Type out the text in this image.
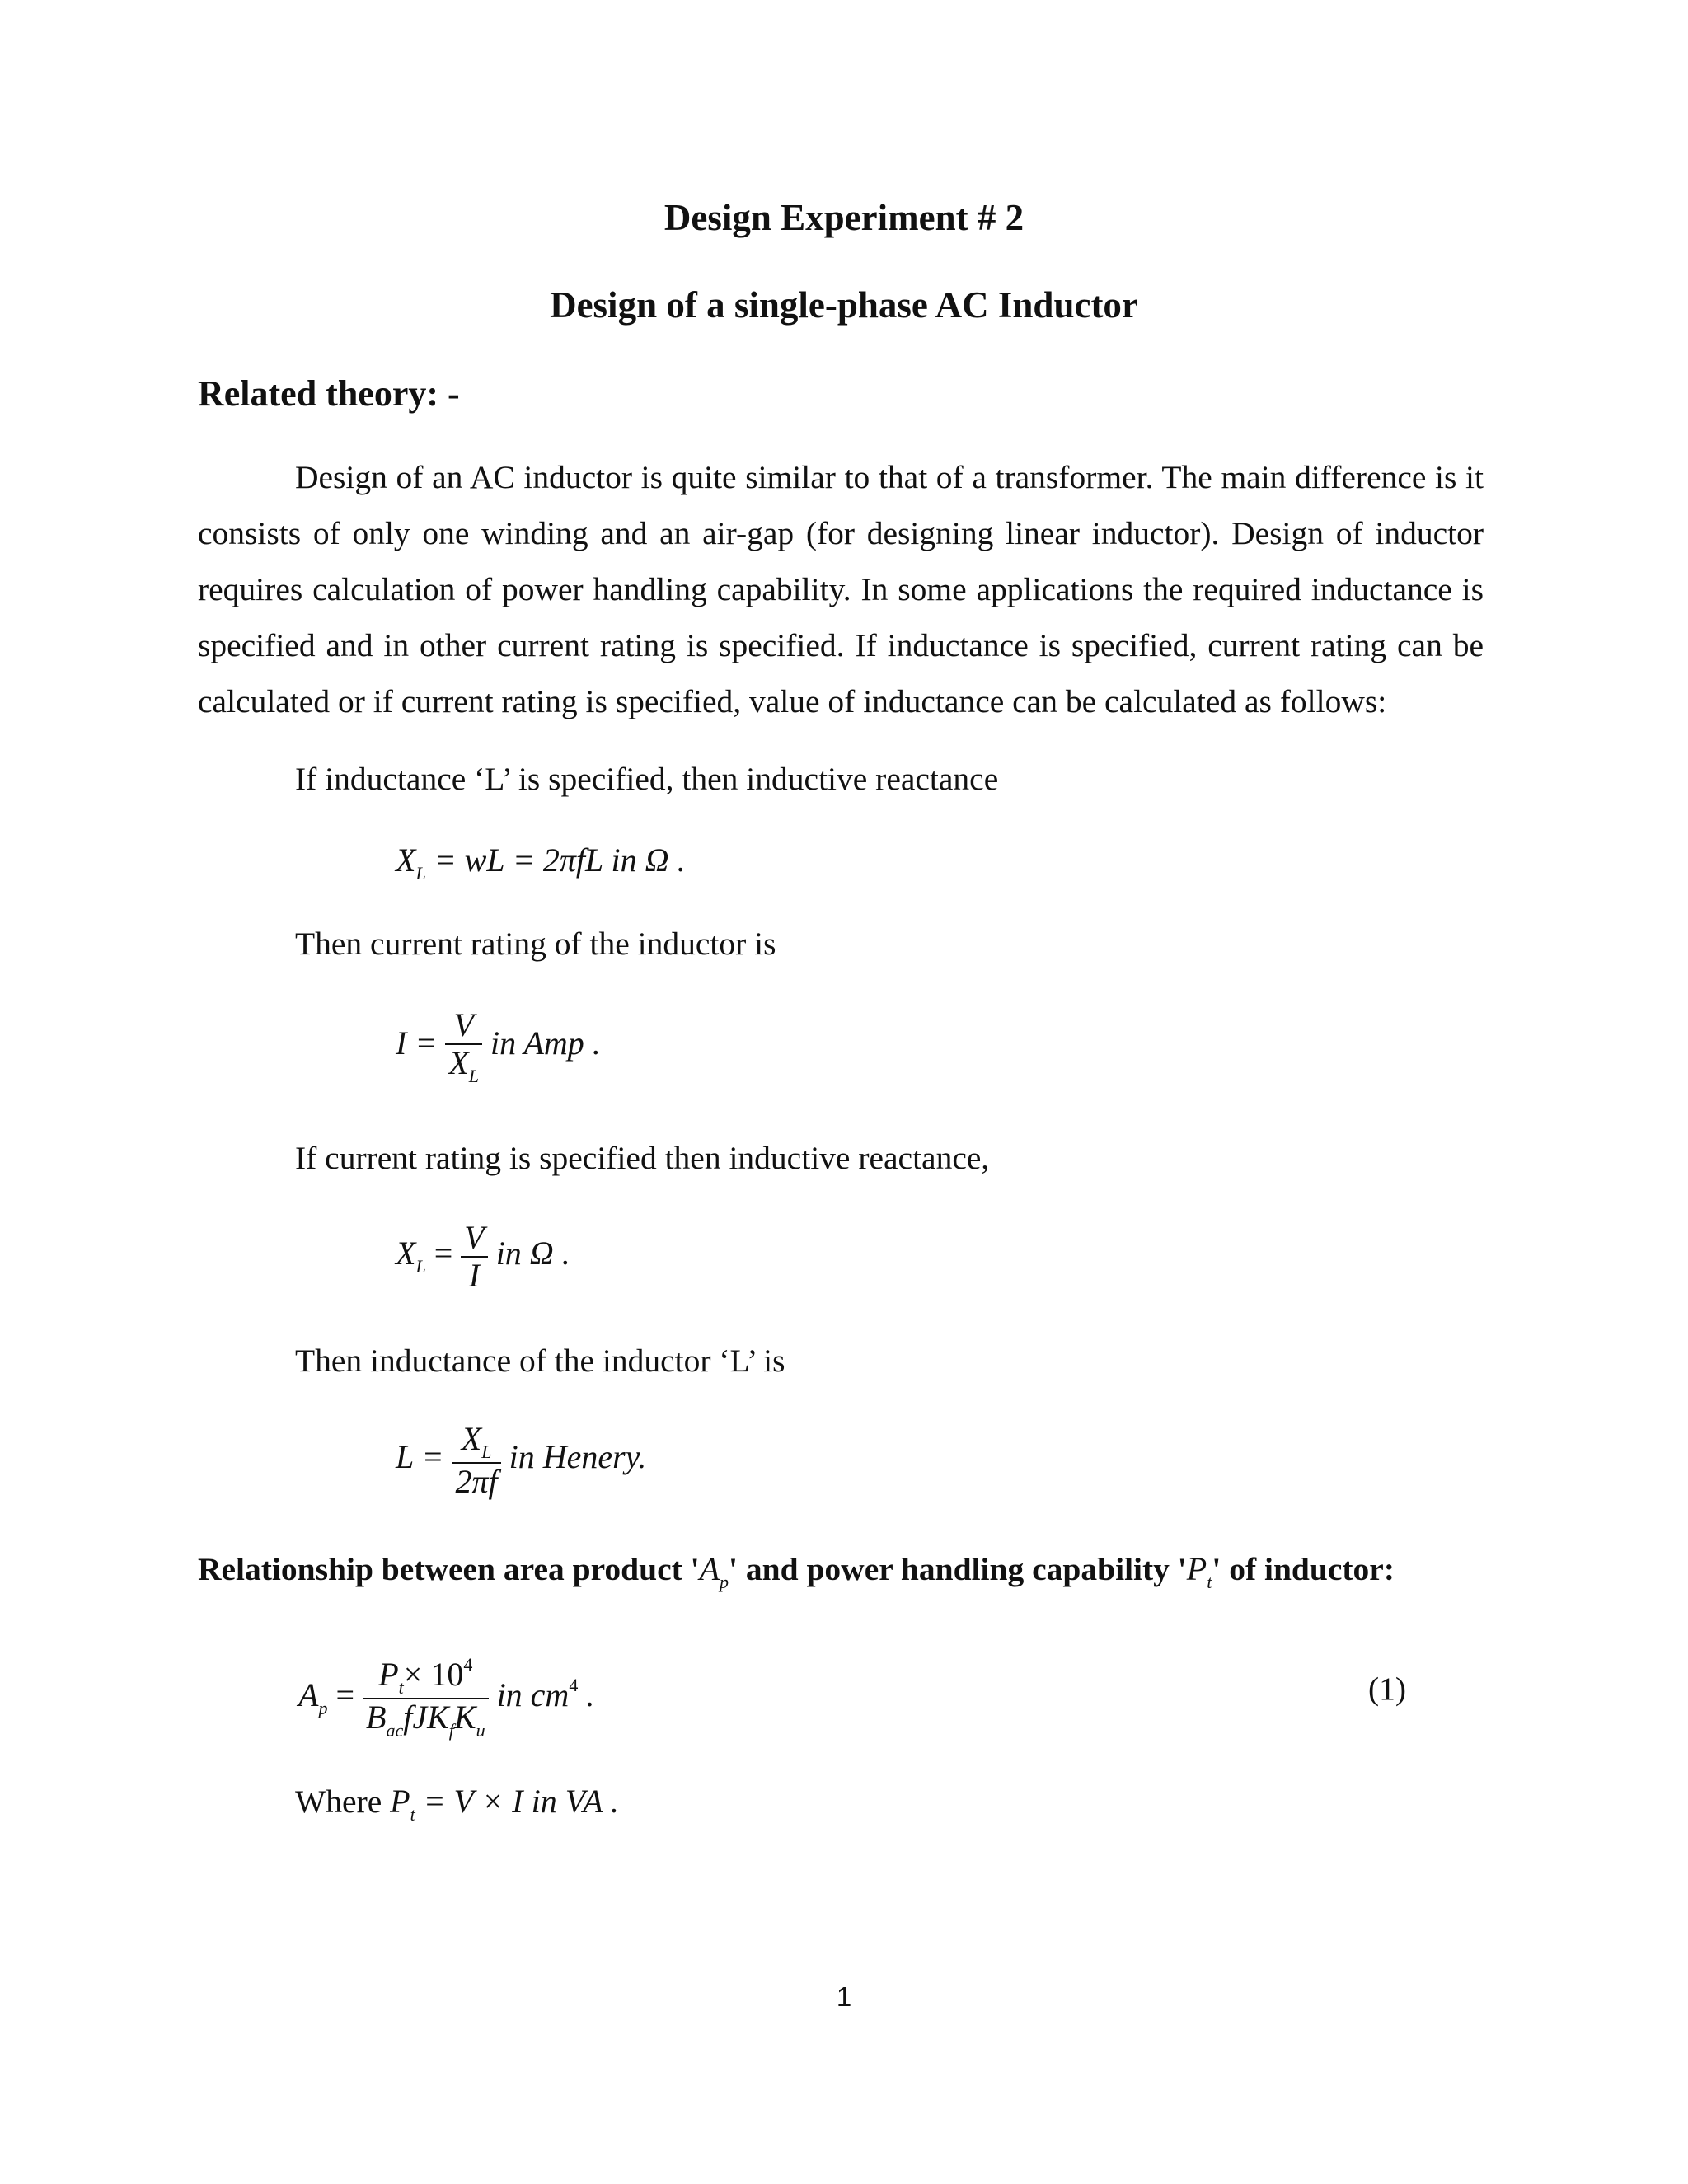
Design Experiment # 2
Design of a single-phase AC Inductor
Related theory: -
Design of an AC inductor is quite similar to that of a transformer. The main difference is it consists of only one winding and an air-gap (for designing linear inductor). Design of inductor requires calculation of power handling capability. In some applications the required inductance is specified and in other current rating is specified. If inductance is specified, current rating can be calculated or if current rating is specified, value of inductance can be calculated as follows:
If inductance ‘L’ is specified, then inductive reactance
$X_L$ = wL = 2πfL in Ω .
Then current rating of the inductor is
$I = \frac{V}{X_L}$ in Amp .
If current rating is specified then inductive reactance,
$X_L = \frac{V}{I}$ in Ω .
Then inductance of the inductor ‘L’ is
$L = \frac{X_L}{2\pi f}$ in Henery.
Relationship between area product '$A_p$' and power handling capability '$P_t$' of inductor:
$A_p = \frac{P_t\times 10^4}{B_{ac}fJK_fK_u}$ in $cm^4$ .	(1)
Where $P_t = V \times I$ in VA .
1
